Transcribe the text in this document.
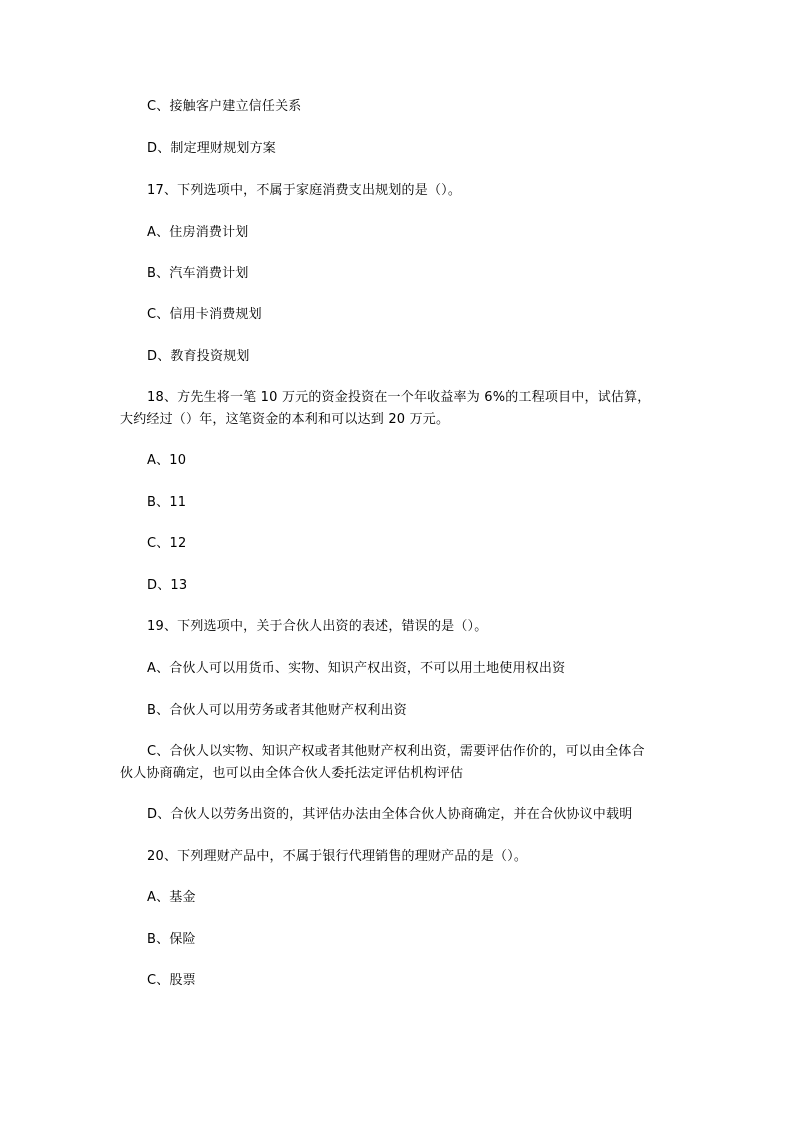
C、接触客户建立信任关系
D、制定理财规划方案
17、下列选项中，不属于家庭消费支出规划的是（）。
A、住房消费计划
B、汽车消费计划
C、信用卡消费规划
D、教育投资规划
18、方先生将一笔 10 万元的资金投资在一个年收益率为 6%的工程项目中，试估算，
大约经过（）年，这笔资金的本利和可以达到 20 万元。
A、10
B、11
C、12
D、13
19、下列选项中，关于合伙人出资的表述，错误的是（）。
A、合伙人可以用货币、实物、知识产权出资，不可以用土地使用权出资
B、合伙人可以用劳务或者其他财产权利出资
C、合伙人以实物、知识产权或者其他财产权利出资，需要评估作价的，可以由全体合
伙人协商确定，也可以由全体合伙人委托法定评估机构评估
D、合伙人以劳务出资的，其评估办法由全体合伙人协商确定，并在合伙协议中载明
20、下列理财产品中，不属于银行代理销售的理财产品的是（）。
A、基金
B、保险
C、股票
